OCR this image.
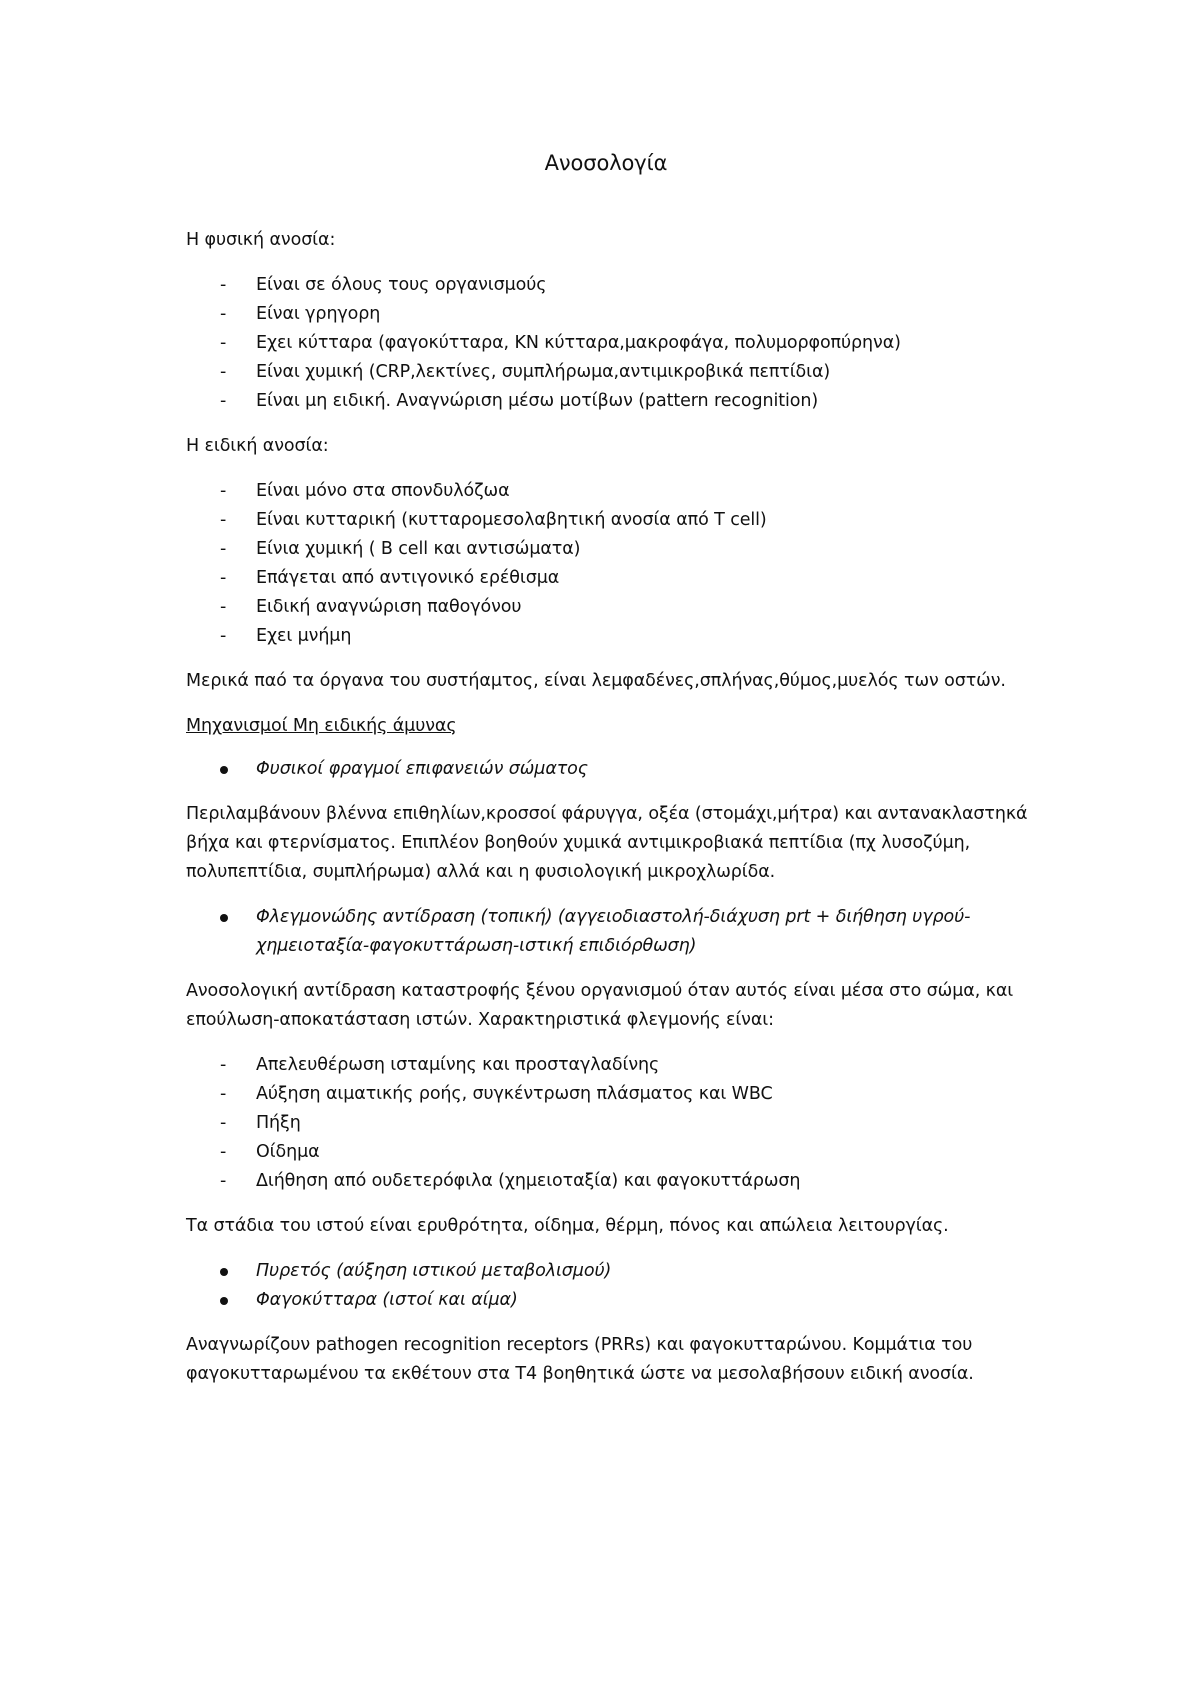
Ανοσολογία

Η φυσική ανοσία:

- Είναι σε όλους τους οργανισμούς
- Είναι γρηγορη
- Εχει κύτταρα (φαγοκύτταρα, ΚΝ κύτταρα,μακροφάγα, πολυμορφοπύρηνα)
- Είναι χυμική (CRP,λεκτίνες, συμπλήρωμα,αντιμικροβικά πεπτίδια)
- Είναι μη ειδική. Αναγνώριση μέσω μοτίβων (pattern recognition)

Η ειδική ανοσία:

- Είναι μόνο στα σπονδυλόζωα
- Είναι κυτταρική (κυτταρομεσολαβητική ανοσία από T cell)
- Είνια χυμική ( B cell και αντισώματα)
- Επάγεται από αντιγονικό ερέθισμα
- Ειδική αναγνώριση παθογόνου
- Εχει μνήμη

Μερικά παό τα όργανα του συστήαμτος, είναι λεμφαδένες,σπλήνας,θύμος,μυελός των οστών.

Μηχανισμοί Μη ειδικής άμυνας

Φυσικοί φραγμοί επιφανειών σώματος

Περιλαμβάνουν βλέννα επιθηλίων,κροσσοί φάρυγγα, οξέα (στομάχι,μήτρα) και αντανακλαστηκά βήχα και φτερνίσματος. Επιπλέον βοηθούν χυμικά αντιμικροβιακά πεπτίδια (πχ λυσοζύμη, πολυπεπτίδια, συμπλήρωμα) αλλά και η φυσιολογική μικροχλωρίδα.

Φλεγμονώδης αντίδραση (τοπική) (αγγειοδιαστολή-διάχυση prt + διήθηση υγρού-χημειοταξία-φαγοκυττάρωση-ιστική επιδιόρθωση)

Ανοσολογική αντίδραση καταστροφής ξένου οργανισμού όταν αυτός είναι μέσα στο σώμα, και επούλωση-αποκατάσταση ιστών. Χαρακτηριστικά φλεγμονής είναι:

- Απελευθέρωση ισταμίνης και προσταγλαδίνης
- Αύξηση αιματικής ροής, συγκέντρωση πλάσματος και WBC
- Πήξη
- Οίδημα
- Διήθηση από ουδετερόφιλα (χημειοταξία) και φαγοκυττάρωση

Τα στάδια του ιστού είναι ερυθρότητα, οίδημα, θέρμη, πόνος και απώλεια λειτουργίας.

Πυρετός (αύξηση ιστικού μεταβολισμού)
Φαγοκύτταρα (ιστοί και αίμα)

Αναγνωρίζουν pathogen recognition receptors (PRRs) και φαγοκυτταρώνου. Κομμάτια του φαγοκυτταρωμένου τα εκθέτουν στα Τ4 βοηθητικά ώστε να μεσολαβήσουν ειδική ανοσία.
